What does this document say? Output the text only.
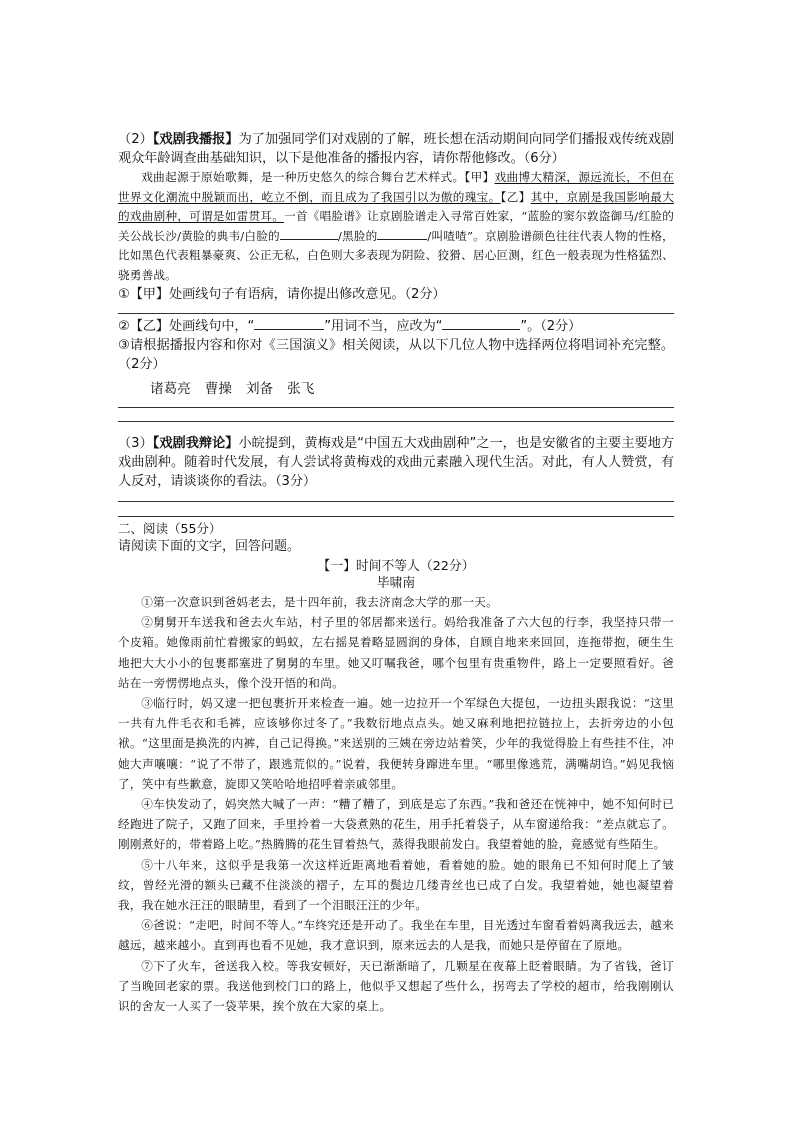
（2）【戏剧我播报】为了加强同学们对戏剧的了解，班长想在活动期间向同学们播报戏传统戏剧观众年龄调查曲基础知识，以下是他准备的播报内容，请你帮他修改。（6分）

戏曲起源于原始歌舞，是一种历史悠久的综合舞台艺术样式。【甲】戏曲博大精深，源远流长，不但在世界文化潮流中脱颖而出，屹立不倒，而且成为了我国引以为傲的瑰宝。【乙】其中，京剧是我国影响最大的戏曲剧种，可谓是如雷贯耳。一首《唱脸谱》让京剧脸谱走入寻常百姓家，“蓝脸的窦尔敦盗御马/红脸的关公战长沙/黄脸的典韦/白脸的	/黑脸的	/叫喳喳”。京剧脸谱颜色往往代表人物的性格，比如黑色代表粗暴豪爽、公正无私，白色则大多表现为阴险、狡猾、居心叵测，红色一般表现为性格猛烈、骁勇善战。

①【甲】处画线句子有语病，请你提出修改意见。（2分）

②【乙】处画线句中，“	”用词不当，应改为“	”。（2分）

③请根据播报内容和你对《三国演义》相关阅读，从以下几位人物中选择两位将唱词补充完整。（2分）

诸葛亮 曹操 刘备 张飞

（3）【戏剧我辩论】小皖提到，黄梅戏是“中国五大戏曲剧种”之一，也是安徽省的主要主要地方戏曲剧种。随着时代发展，有人尝试将黄梅戏的戏曲元素融入现代生活。对此，有人人赞赏，有人反对，请谈谈你的看法。（3分）

二、阅读（55分）

请阅读下面的文字，回答问题。

【一】时间不等人（22分）

毕啸南

①第一次意识到爸妈老去，是十四年前，我去济南念大学的那一天。

②舅舅开车送我和爸去火车站，村子里的邻居都来送行。妈给我准备了六大包的行李，我坚持只带一个皮箱。她像雨前忙着搬家的蚂蚁，左右摇晃着略显圆润的身体，自顾自地来来回回，连拖带抱，硬生生地把大大小小的包裹都塞进了舅舅的车里。她又叮嘱我爸，哪个包里有贵重物件，路上一定要照看好。爸站在一旁愣愣地点头，像个没开悟的和尚。

③临行时，妈又逮一把包裹折开来检查一遍。她一边拉开一个军绿色大提包，一边扭头跟我说：“这里一共有九件毛衣和毛裤，应该够你过冬了。”我数衍地点点头。她又麻利地把拉链拉上，去折旁边的小包袱。“这里面是换洗的内裤，自己记得换。”来送别的三姨在旁边站着笑，少年的我觉得脸上有些挂不住，冲她大声嚷嚷：“说了不带了，跟逃荒似的。”说着，我便转身蹿进车里。“哪里像逃荒，满嘴胡诌。”妈见我恼了，笑中有些歉意，旋即又笑哈哈地招呼着亲戚邻里。

④车快发动了，妈突然大喊了一声：“糟了糟了，到底是忘了东西。”我和爸还在恍神中，她不知何时已经跑进了院子，又跑了回来，手里拎着一大袋煮熟的花生，用手托着袋子，从车窗递给我：“差点就忘了。刚刚煮好的，带着路上吃。”热腾腾的花生冒着热气，蒸得我眼前发白。我望着她的脸，竟感觉有些陌生。

⑤十八年来，这似乎是我第一次这样近距离地看着她，看着她的脸。她的眼角已不知何时爬上了皱纹，曾经光滑的额头已藏不住淡淡的褶子，左耳的鬓边几缕青丝也已成了白发。我望着她，她也凝望着我，我在她水汪汪的眼睛里，看到了一个泪眼汪汪的少年。

⑥爸说：“走吧，时间不等人。”车终究还是开动了。我坐在车里，目光透过车窗看着妈离我远去，越来越远，越来越小。直到再也看不见她，我才意识到，原来远去的人是我，而她只是停留在了原地。

⑦下了火车，爸送我入校。等我安顿好，天已渐渐暗了，几颗星在夜幕上眨着眼睛。为了省钱，爸订了当晚回老家的票。我送他到校门口的路上，他似乎又想起了些什么，拐弯去了学校的超市，给我刚刚认识的舍友一人买了一袋苹果，挨个放在大家的桌上。
